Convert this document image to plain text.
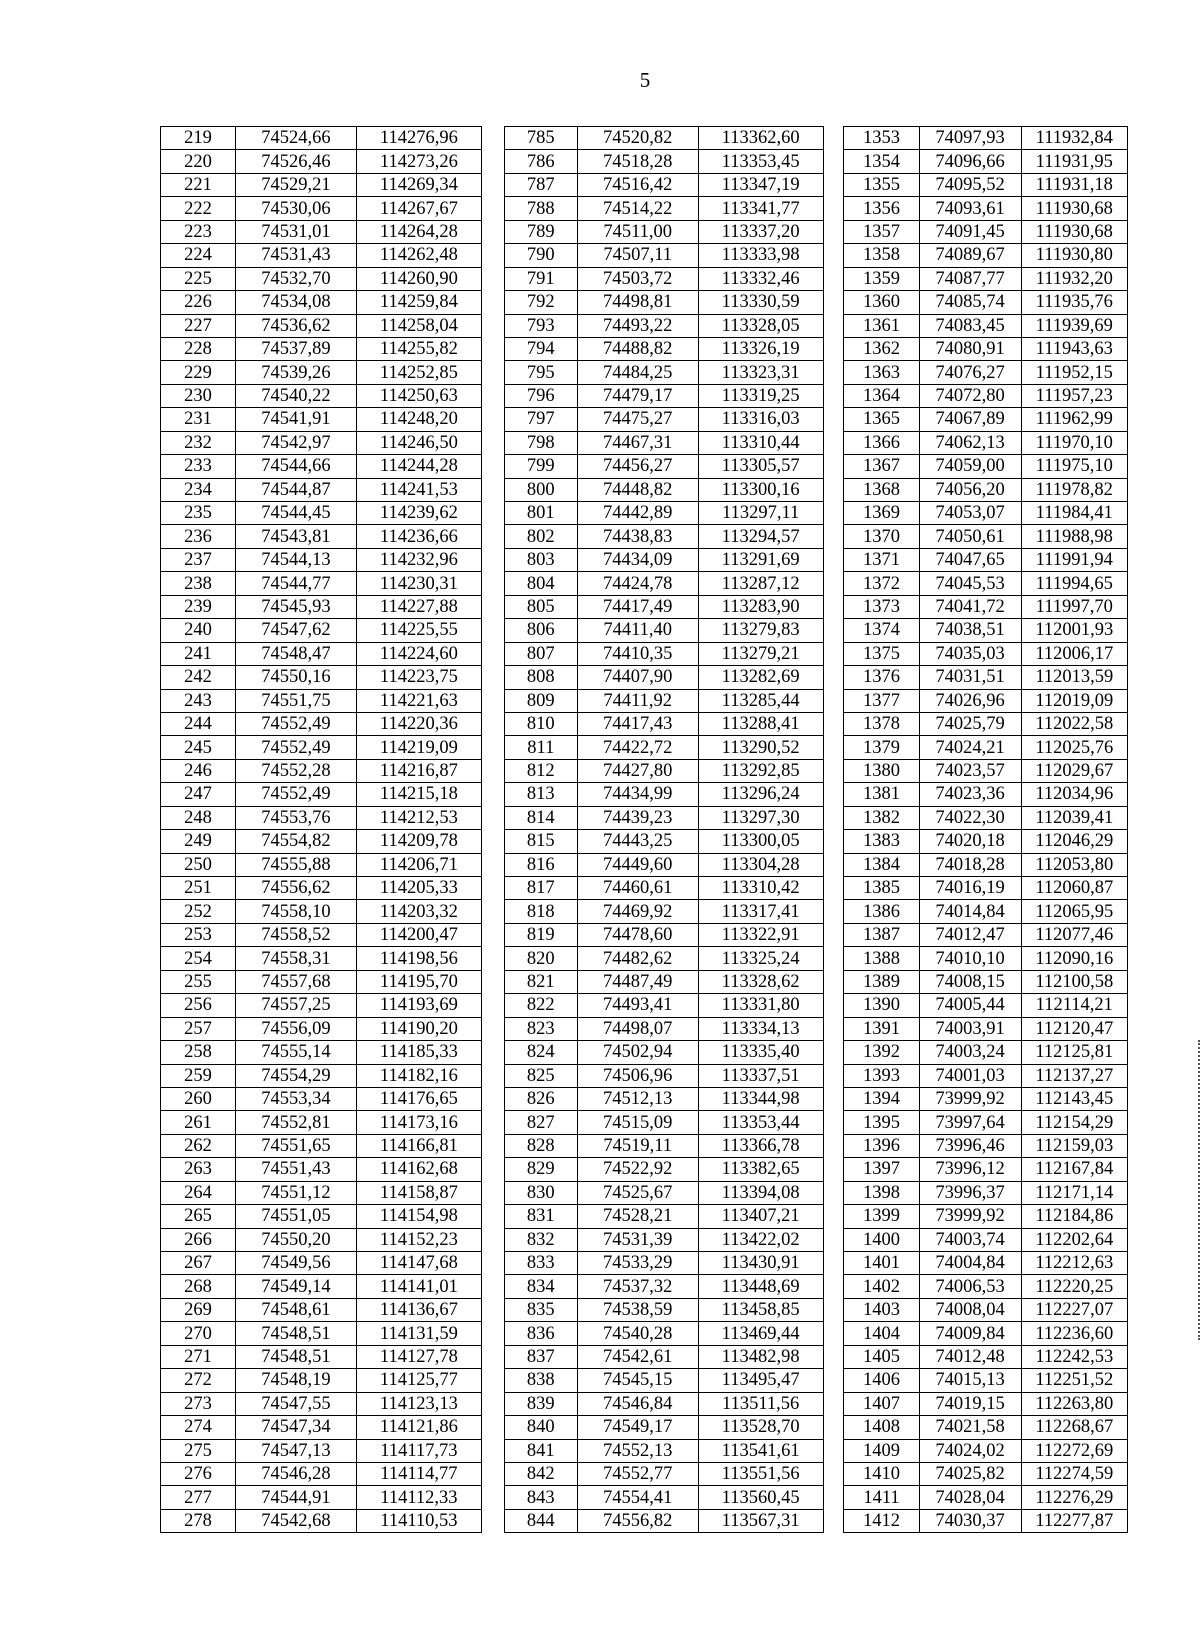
5
219	74524,66	114276,96		785	74520,82	113362,60		1353	74097,93	111932,84
220	74526,46	114273,26		786	74518,28	113353,45		1354	74096,66	111931,95
221	74529,21	114269,34		787	74516,42	113347,19		1355	74095,52	111931,18
222	74530,06	114267,67		788	74514,22	113341,77		1356	74093,61	111930,68
223	74531,01	114264,28		789	74511,00	113337,20		1357	74091,45	111930,68
224	74531,43	114262,48		790	74507,11	113333,98		1358	74089,67	111930,80
225	74532,70	114260,90		791	74503,72	113332,46		1359	74087,77	111932,20
226	74534,08	114259,84		792	74498,81	113330,59		1360	74085,74	111935,76
227	74536,62	114258,04		793	74493,22	113328,05		1361	74083,45	111939,69
228	74537,89	114255,82		794	74488,82	113326,19		1362	74080,91	111943,63
229	74539,26	114252,85		795	74484,25	113323,31		1363	74076,27	111952,15
230	74540,22	114250,63		796	74479,17	113319,25		1364	74072,80	111957,23
231	74541,91	114248,20		797	74475,27	113316,03		1365	74067,89	111962,99
232	74542,97	114246,50		798	74467,31	113310,44		1366	74062,13	111970,10
233	74544,66	114244,28		799	74456,27	113305,57		1367	74059,00	111975,10
234	74544,87	114241,53		800	74448,82	113300,16		1368	74056,20	111978,82
235	74544,45	114239,62		801	74442,89	113297,11		1369	74053,07	111984,41
236	74543,81	114236,66		802	74438,83	113294,57		1370	74050,61	111988,98
237	74544,13	114232,96		803	74434,09	113291,69		1371	74047,65	111991,94
238	74544,77	114230,31		804	74424,78	113287,12		1372	74045,53	111994,65
239	74545,93	114227,88		805	74417,49	113283,90		1373	74041,72	111997,70
240	74547,62	114225,55		806	74411,40	113279,83		1374	74038,51	112001,93
241	74548,47	114224,60		807	74410,35	113279,21		1375	74035,03	112006,17
242	74550,16	114223,75		808	74407,90	113282,69		1376	74031,51	112013,59
243	74551,75	114221,63		809	74411,92	113285,44		1377	74026,96	112019,09
244	74552,49	114220,36		810	74417,43	113288,41		1378	74025,79	112022,58
245	74552,49	114219,09		811	74422,72	113290,52		1379	74024,21	112025,76
246	74552,28	114216,87		812	74427,80	113292,85		1380	74023,57	112029,67
247	74552,49	114215,18		813	74434,99	113296,24		1381	74023,36	112034,96
248	74553,76	114212,53		814	74439,23	113297,30		1382	74022,30	112039,41
249	74554,82	114209,78		815	74443,25	113300,05		1383	74020,18	112046,29
250	74555,88	114206,71		816	74449,60	113304,28		1384	74018,28	112053,80
251	74556,62	114205,33		817	74460,61	113310,42		1385	74016,19	112060,87
252	74558,10	114203,32		818	74469,92	113317,41		1386	74014,84	112065,95
253	74558,52	114200,47		819	74478,60	113322,91		1387	74012,47	112077,46
254	74558,31	114198,56		820	74482,62	113325,24		1388	74010,10	112090,16
255	74557,68	114195,70		821	74487,49	113328,62		1389	74008,15	112100,58
256	74557,25	114193,69		822	74493,41	113331,80		1390	74005,44	112114,21
257	74556,09	114190,20		823	74498,07	113334,13		1391	74003,91	112120,47
258	74555,14	114185,33		824	74502,94	113335,40		1392	74003,24	112125,81
259	74554,29	114182,16		825	74506,96	113337,51		1393	74001,03	112137,27
260	74553,34	114176,65		826	74512,13	113344,98		1394	73999,92	112143,45
261	74552,81	114173,16		827	74515,09	113353,44		1395	73997,64	112154,29
262	74551,65	114166,81		828	74519,11	113366,78		1396	73996,46	112159,03
263	74551,43	114162,68		829	74522,92	113382,65		1397	73996,12	112167,84
264	74551,12	114158,87		830	74525,67	113394,08		1398	73996,37	112171,14
265	74551,05	114154,98		831	74528,21	113407,21		1399	73999,92	112184,86
266	74550,20	114152,23		832	74531,39	113422,02		1400	74003,74	112202,64
267	74549,56	114147,68		833	74533,29	113430,91		1401	74004,84	112212,63
268	74549,14	114141,01		834	74537,32	113448,69		1402	74006,53	112220,25
269	74548,61	114136,67		835	74538,59	113458,85		1403	74008,04	112227,07
270	74548,51	114131,59		836	74540,28	113469,44		1404	74009,84	112236,60
271	74548,51	114127,78		837	74542,61	113482,98		1405	74012,48	112242,53
272	74548,19	114125,77		838	74545,15	113495,47		1406	74015,13	112251,52
273	74547,55	114123,13		839	74546,84	113511,56		1407	74019,15	112263,80
274	74547,34	114121,86		840	74549,17	113528,70		1408	74021,58	112268,67
275	74547,13	114117,73		841	74552,13	113541,61		1409	74024,02	112272,69
276	74546,28	114114,77		842	74552,77	113551,56		1410	74025,82	112274,59
277	74544,91	114112,33		843	74554,41	113560,45		1411	74028,04	112276,29
278	74542,68	114110,53		844	74556,82	113567,31		1412	74030,37	112277,87
